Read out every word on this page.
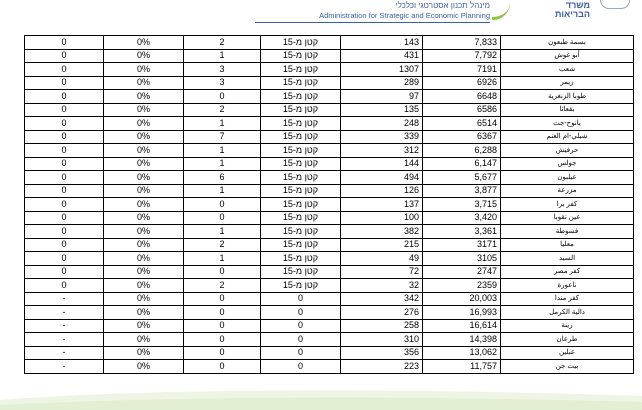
משרד
הבריאות
מינהל תכנון אסטרטגי וכלכלי
Administration for Strategic and Economic Planning
0	0%	2	קטן מ-15	143	7,833	بسمة طبعون	
0	0%	1	קטן מ-15	431	7,792	أبو غوش	
0	0%	3	קטן מ-15	1307	7191	شعب	
0	0%	3	קטן מ-15	289	6926	زيمر	
0	0%	0	קטן מ-15	97	6648	طوبا الزنغرية	
0	0%	2	קטן מ-15	135	6586	بقعاثا	
0	0%	1	קטן מ-15	248	6514	يانوح-جث	
0	0%	7	קטן מ-15	339	6367	شبلي-ام الغنم	
0	0%	1	קטן מ-15	312	6,288	حرفيش	
0	0%	1	קטן מ-15	144	6,147	جولس	
0	0%	6	קטן מ-15	494	5,677	عيلبون	
0	0%	1	קטן מ-15	126	3,877	مزرعة	
0	0%	0	קטן מ-15	137	3,715	كفر برا	
0	0%	0	קטן מ-15	100	3,420	عين نقوبا	
0	0%	1	קטן מ-15	382	3,361	فسوطة	
0	0%	2	קטן מ-15	215	3171	معليا	
0	0%	1	קטן מ-15	49	3105	السيد	
0	0%	0	קטן מ-15	72	2747	كفر مصر	
0	0%	2	קטן מ-15	32	2359	ناعورة	
-	0%	0	0	342	20,003	كفر مندا	
-	0%	0	0	276	16,993	دالية الكرمل	
-	0%	0	0	258	16,614	رينة	
-	0%	0	0	310	14,398	طرعان	
-	0%	0	0	356	13,062	عبلين	
-	0%	0	0	223	11,757	بيت جن	
